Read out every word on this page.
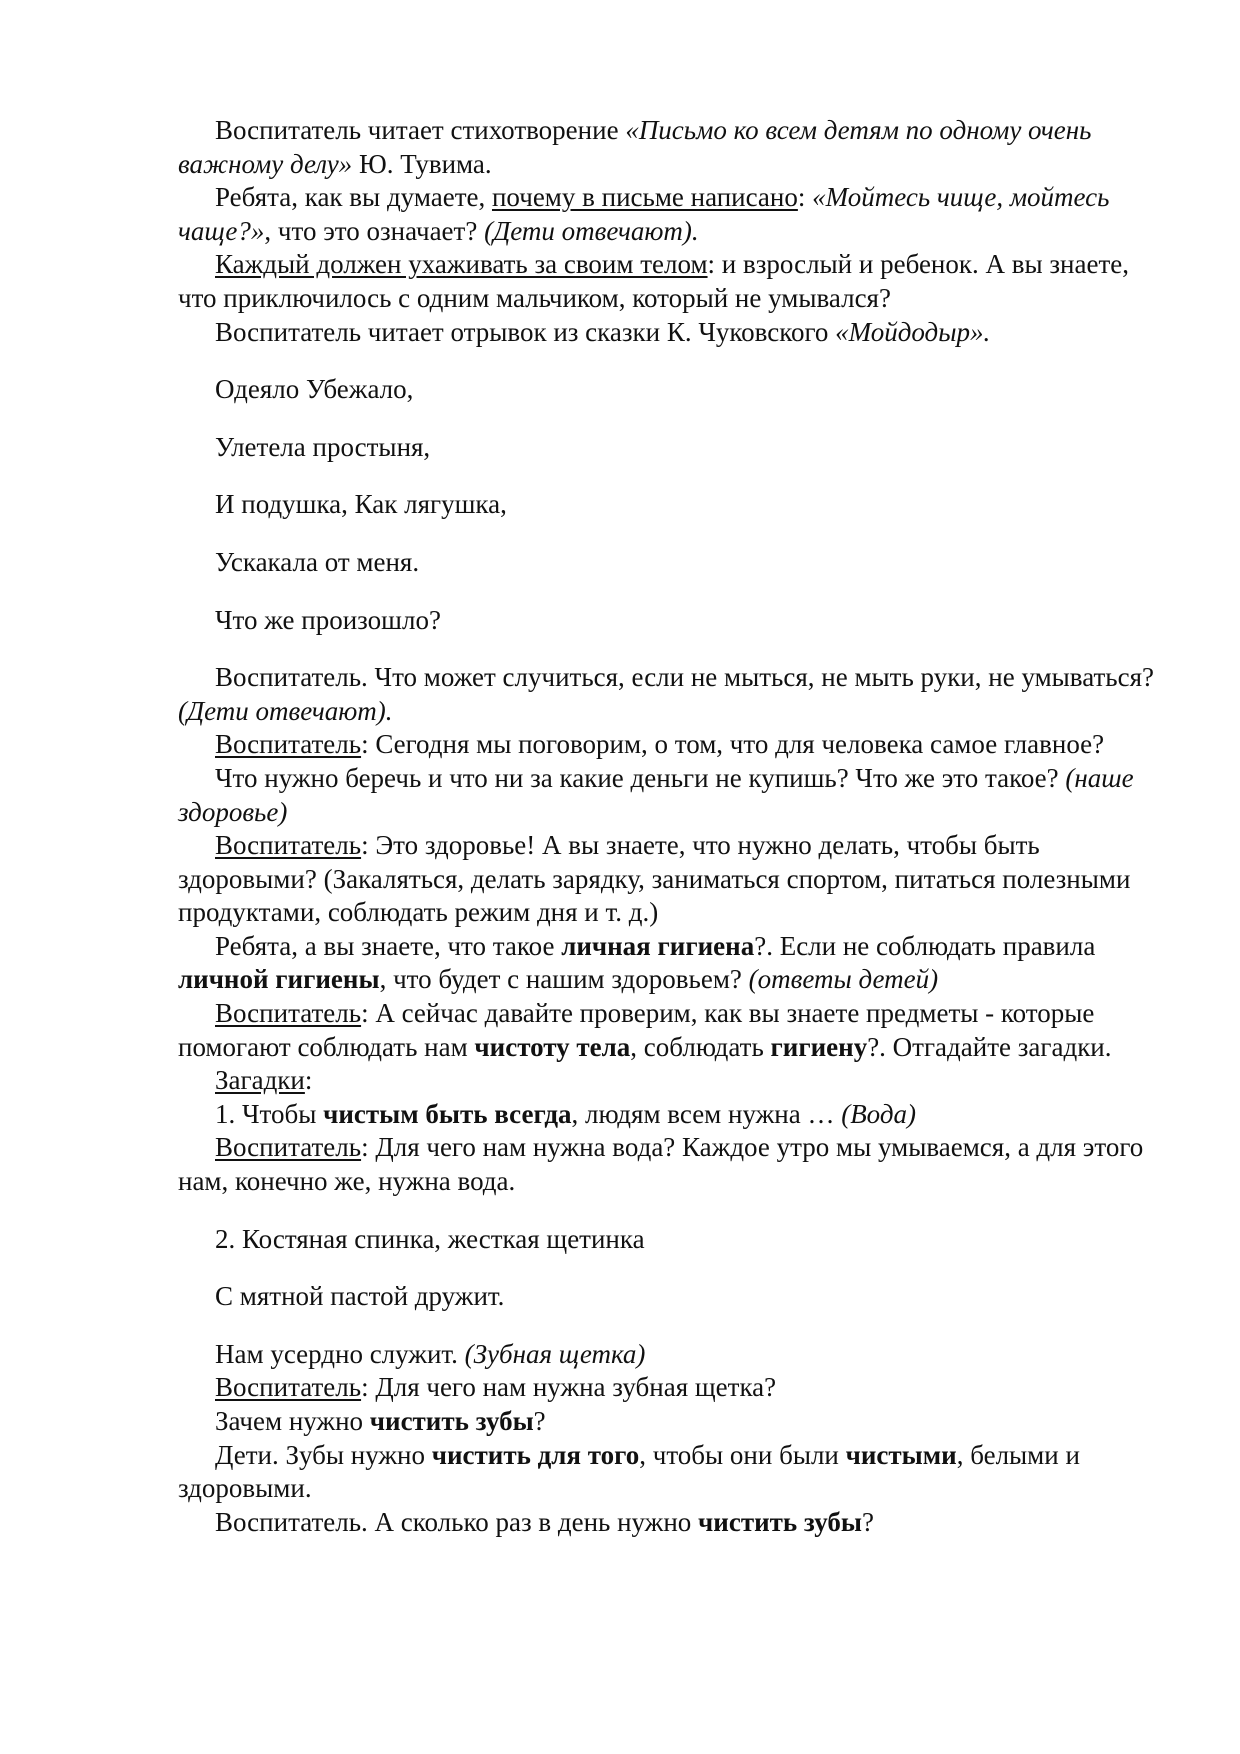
Воспитатель читает стихотворение «Письмо ко всем детям по одному очень важному делу» Ю. Тувима.

Ребята, как вы думаете, почему в письме написано: «Мойтесь чище, мойтесь чаще?», что это означает? (Дети отвечают).

Каждый должен ухаживать за своим телом: и взрослый и ребенок. А вы знаете, что приключилось с одним мальчиком, который не умывался?

Воспитатель читает отрывок из сказки К. Чуковского «Мойдодыр».

Одеяло Убежало,

Улетела простыня,

И подушка, Как лягушка,

Ускакала от меня.

Что же произошло?

Воспитатель. Что может случиться, если не мыться, не мыть руки, не умываться? (Дети отвечают).

Воспитатель: Сегодня мы поговорим, о том, что для человека самое главное?

Что нужно беречь и что ни за какие деньги не купишь? Что же это такое? (наше здоровье)

Воспитатель: Это здоровье! А вы знаете, что нужно делать, чтобы быть здоровыми? (Закаляться, делать зарядку, заниматься спортом, питаться полезными продуктами, соблюдать режим дня и т. д.)

Ребята, а вы знаете, что такое личная гигиена?. Если не соблюдать правила личной гигиены, что будет с нашим здоровьем? (ответы детей)

Воспитатель: А сейчас давайте проверим, как вы знаете предметы - которые помогают соблюдать нам чистоту тела, соблюдать гигиену?. Отгадайте загадки.

Загадки:

1. Чтобы чистым быть всегда, людям всем нужна … (Вода)

Воспитатель: Для чего нам нужна вода? Каждое утро мы умываемся, а для этого нам, конечно же, нужна вода.

2. Костяная спинка, жесткая щетинка

С мятной пастой дружит.

Нам усердно служит. (Зубная щетка)

Воспитатель: Для чего нам нужна зубная щетка?

Зачем нужно чистить зубы?

Дети. Зубы нужно чистить для того, чтобы они были чистыми, белыми и здоровыми.

Воспитатель. А сколько раз в день нужно чистить зубы?
